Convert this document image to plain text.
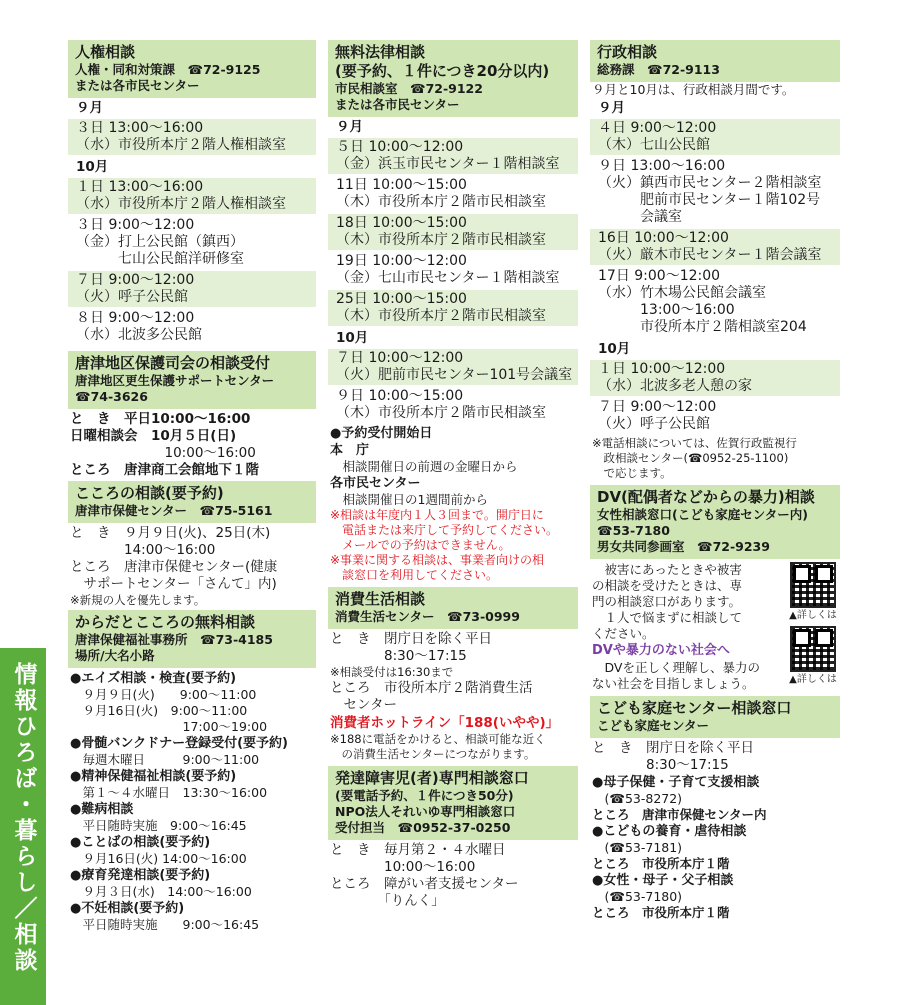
情報ひろば・暮らし／相談
人権相談
人権・同和対策課　☎72-9125
または各市民センター
９月
３日 13:00～16:00
（水）市役所本庁２階人権相談室
10月
１日 13:00～16:00
（水）市役所本庁２階人権相談室
３日 9:00～12:00
（金）打上公民館（鎮西）
　　　七山公民館洋研修室
７日 9:00～12:00
（火）呼子公民館
８日 9:00～12:00
（水）北波多公民館
唐津地区保護司会の相談受付
唐津地区更生保護サポートセンター
☎74-3626
と　き　平日10:00～16:00
日曜相談会　10月５日(日)
　　　　　　　10:00～16:00
ところ　唐津商工会館地下１階
こころの相談(要予約)
唐津市保健センター　☎75-5161
と　き　９月９日(火)、25日(木)
　　　　14:00～16:00
ところ　唐津市保健センター(健康
　サポートセンター「さんて」内)
※新規の人を優先します。
からだとこころの無料相談
唐津保健福祉事務所　☎73-4185
場所/大名小路
●エイズ相談・検査(要予約)
　９月９日(火)　　9:00～11:00
　９月16日(火)　9:00～11:00
　　　　　　　　　17:00～19:00
●骨髄バンクドナー登録受付(要予約)
　毎週木曜日　　　9:00～11:00
●精神保健福祉相談(要予約)
　第１～４水曜日　13:30～16:00
●難病相談
　平日随時実施　9:00～16:45
●ことばの相談(要予約)
　９月16日(火) 14:00～16:00
●療育発達相談(要予約)
　９月３日(水)　14:00～16:00
●不妊相談(要予約)
　平日随時実施　　9:00～16:45
無料法律相談
(要予約、１件につき20分以内)
市民相談室　☎72-9122
または各市民センター
９月
５日 10:00～12:00
（金）浜玉市民センター１階相談室
11日 10:00～15:00
（木）市役所本庁２階市民相談室
18日 10:00～15:00
（木）市役所本庁２階市民相談室
19日 10:00～12:00
（金）七山市民センター１階相談室
25日 10:00～15:00
（木）市役所本庁２階市民相談室
10月
７日 10:00～12:00
（火）肥前市民センター101号会議室
９日 10:00～15:00
（木）市役所本庁２階市民相談室
●予約受付開始日
本　庁
　相談開催日の前週の金曜日から
各市民センター
　相談開催日の1週間前から
※相談は年度内１人３回まで。開庁日に
　電話または来庁して予約してください。
　メールでの予約はできません。
※事業に関する相談は、事業者向けの相
　談窓口を利用してください。
消費生活相談
消費生活センター　☎73-0999
と　き　閉庁日を除く平日
　　　　8:30～17:15
※相談受付は16:30まで
ところ　市役所本庁２階消費生活
　センター
消費者ホットライン「188(いやや)」
※188に電話をかけると、相談可能な近く
　の消費生活センターにつながります。
発達障害児(者)専門相談窓口
(要電話予約、１件につき50分)
NPO法人それいゆ専門相談窓口
受付担当　☎0952-37-0250
と　き　毎月第２・４水曜日
　　　　10:00～16:00
ところ　障がい者支援センター
　　　　「りんく」
行政相談
総務課　☎72-9113
９月と10月は、行政相談月間です。
９月
４日 9:00～12:00
（木）七山公民館
９日 13:00～16:00
（火）鎮西市民センター２階相談室
　　　肥前市民センター１階102号
　　　会議室
16日 10:00～12:00
（火）厳木市民センター１階会議室
17日 9:00～12:00
（水）竹木場公民館会議室
　　　13:00～16:00
　　　市役所本庁２階相談室204
10月
１日 10:00～12:00
（水）北波多老人憩の家
７日 9:00～12:00
（火）呼子公民館
※電話相談については、佐賀行政監視行
　政相談センター(☎0952-25-1100)
　で応じます。
DV(配偶者などからの暴力)相談
女性相談窓口(こども家庭センター内)
☎53-7180
男女共同参画室　☎72-9239
　被害にあったときや被害
の相談を受けたときは、専
門の相談窓口があります。
　１人で悩まずに相談して
ください。
DVや暴力のない社会へ
　DVを正しく理解し、暴力の
ない社会を目指しましょう。
▲詳しくは
▲詳しくは
こども家庭センター相談窓口
こども家庭センター
と　き　閉庁日を除く平日
　　　　8:30～17:15
●母子保健・子育て支援相談
　(☎53-8272)
ところ　唐津市保健センター内
●こどもの養育・虐待相談
　(☎53-7181)
ところ　市役所本庁１階
●女性・母子・父子相談
　(☎53-7180)
ところ　市役所本庁１階
